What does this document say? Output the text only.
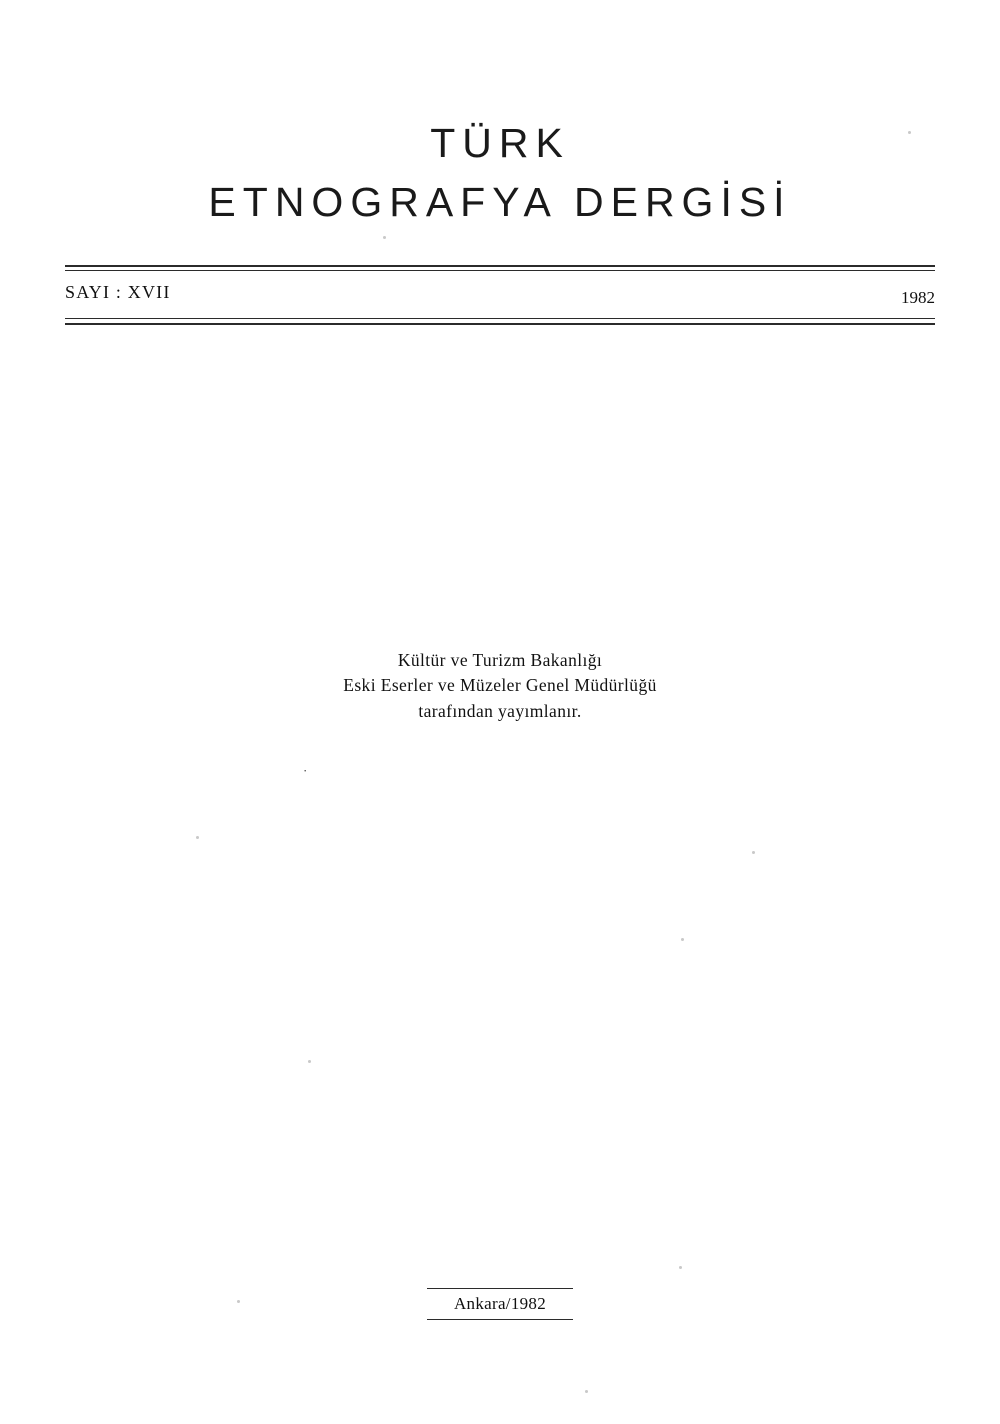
TÜRK
ETNOGRAFYA DERGİSİ
SAYI : XVII	1982
Kültür ve Turizm Bakanlığı
Eski Eserler ve Müzeler Genel Müdürlüğü
tarafından yayımlanır.
·
Ankara/1982
